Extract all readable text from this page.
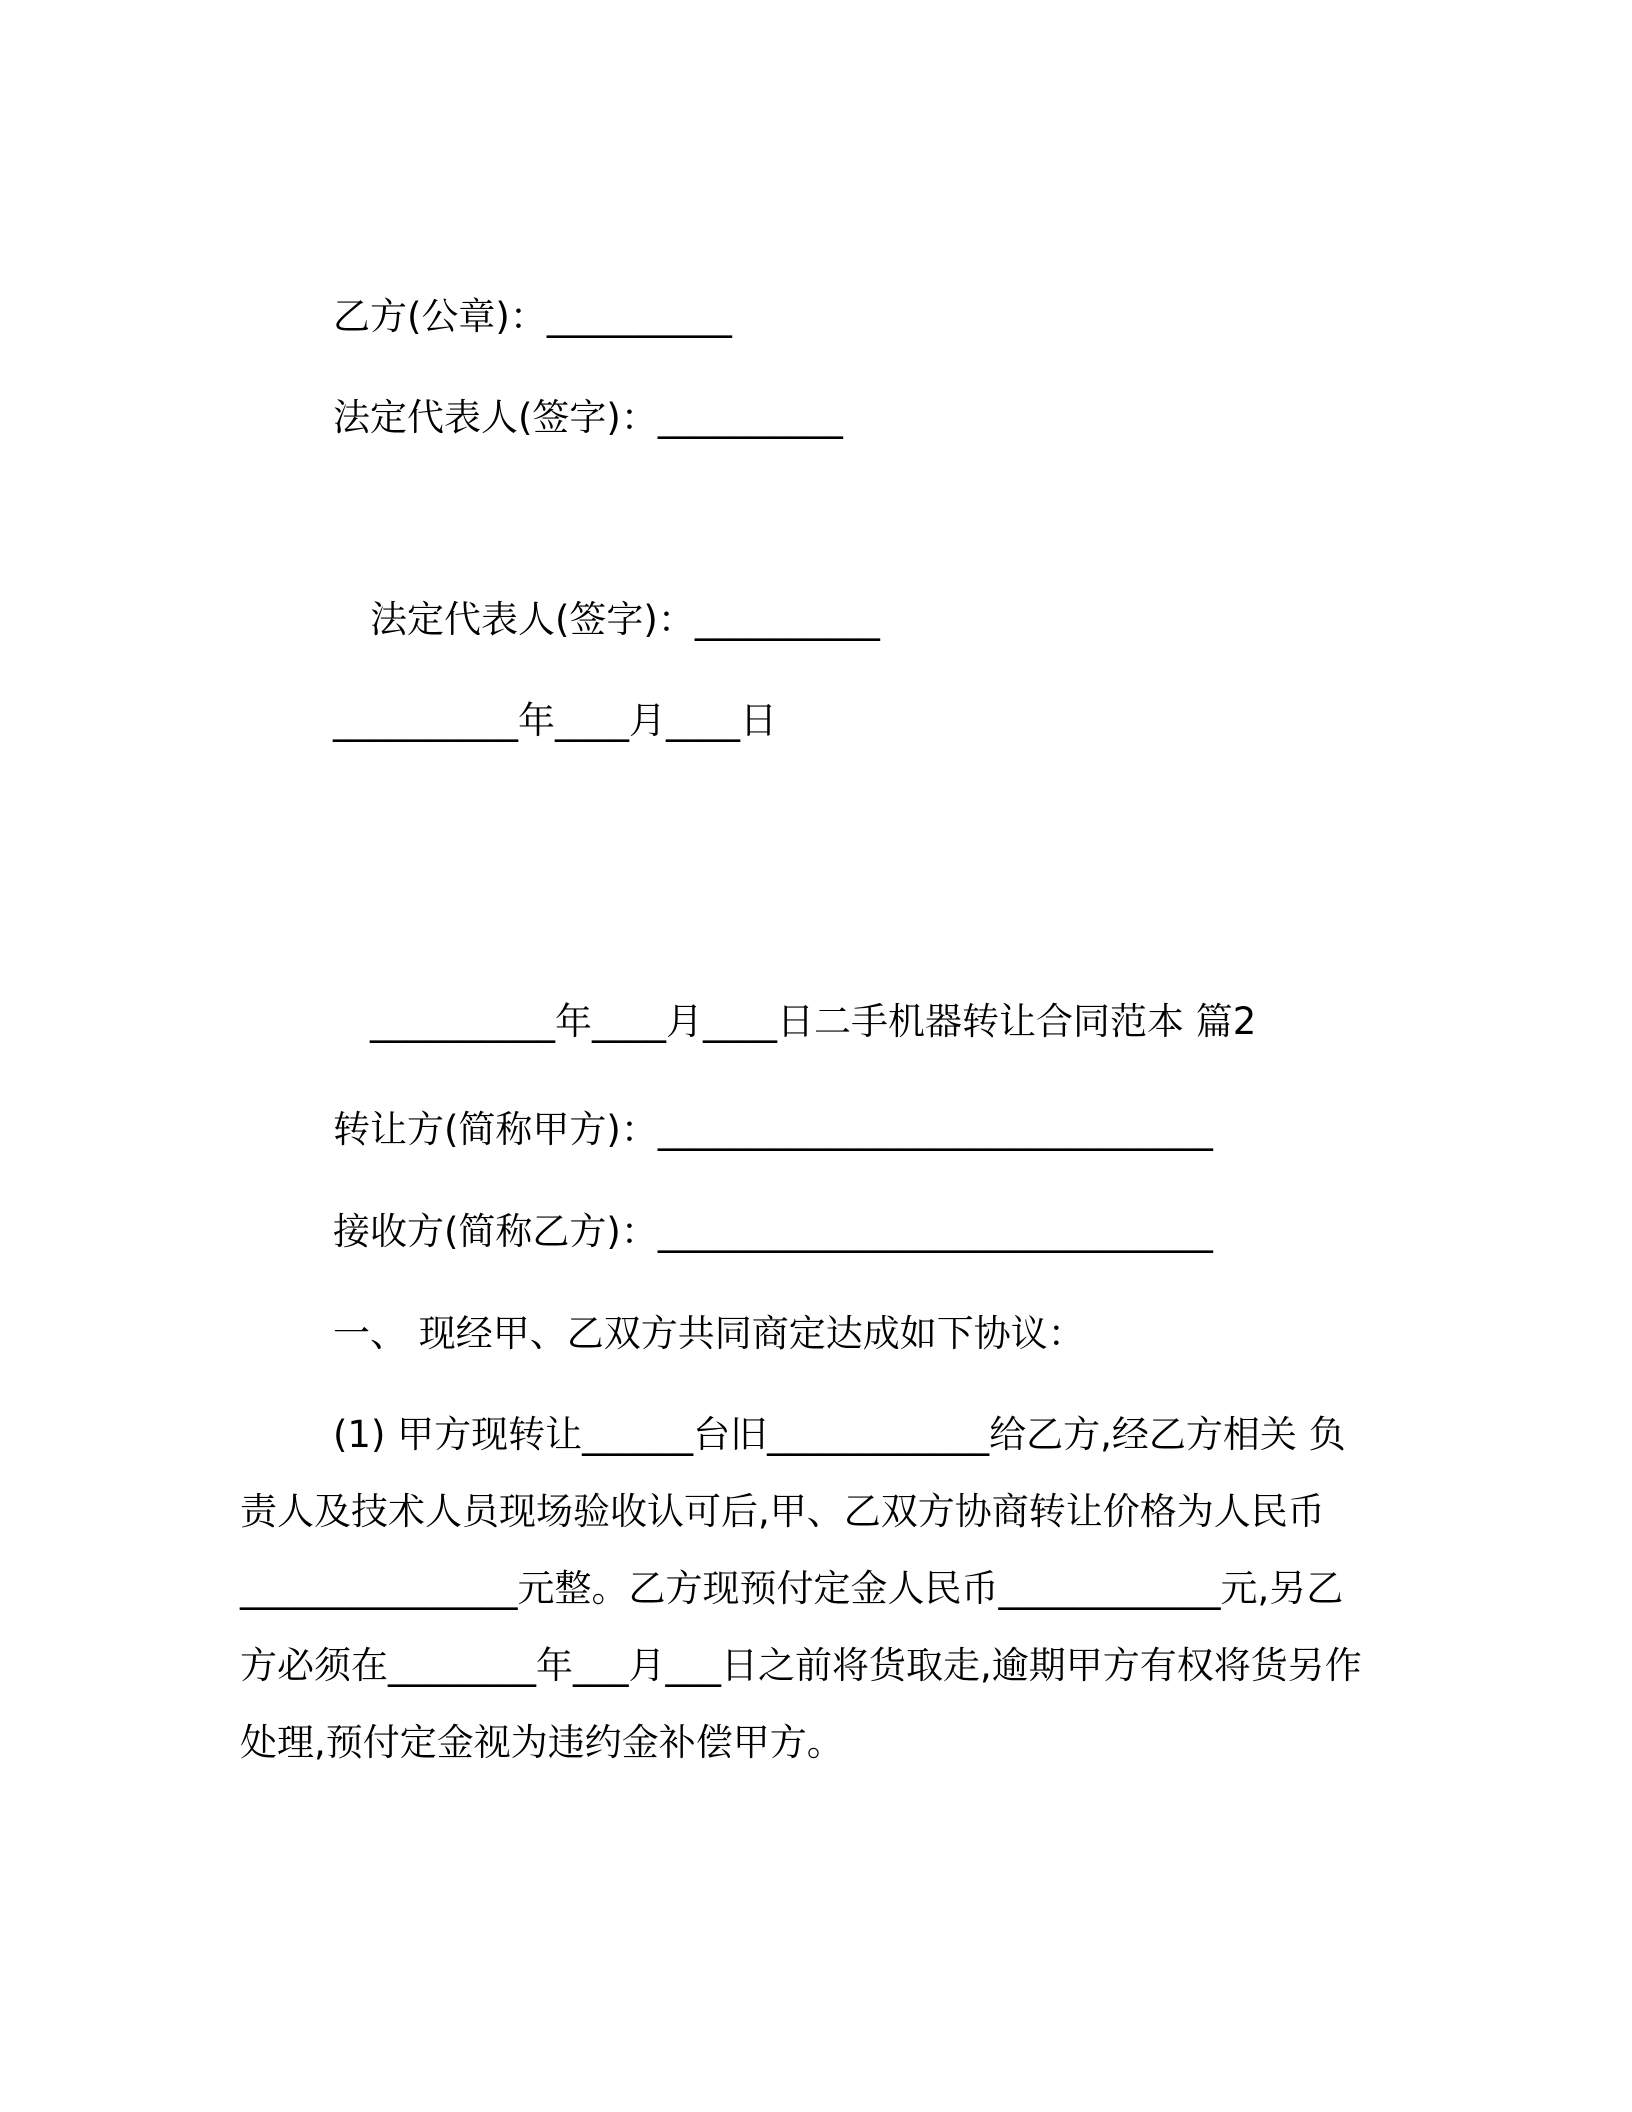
乙方(公章)：__________
法定代表人(签字)：__________
法定代表人(签字)：__________
__________年____月____日
__________年____月____日二手机器转让合同范本 篇2
转让方(简称甲方)：______________________________
接收方(简称乙方)：______________________________
一、 现经甲、乙双方共同商定达成如下协议：
(1) 甲方现转让______台旧____________给乙方,经乙方相关 负
责人及技术人员现场验收认可后,甲、乙双方协商转让价格为人民币
_______________元整。乙方现预付定金人民币____________元,另乙
方必须在________年___月___日之前将货取走,逾期甲方有权将货另作
处理,预付定金视为违约金补偿甲方。
